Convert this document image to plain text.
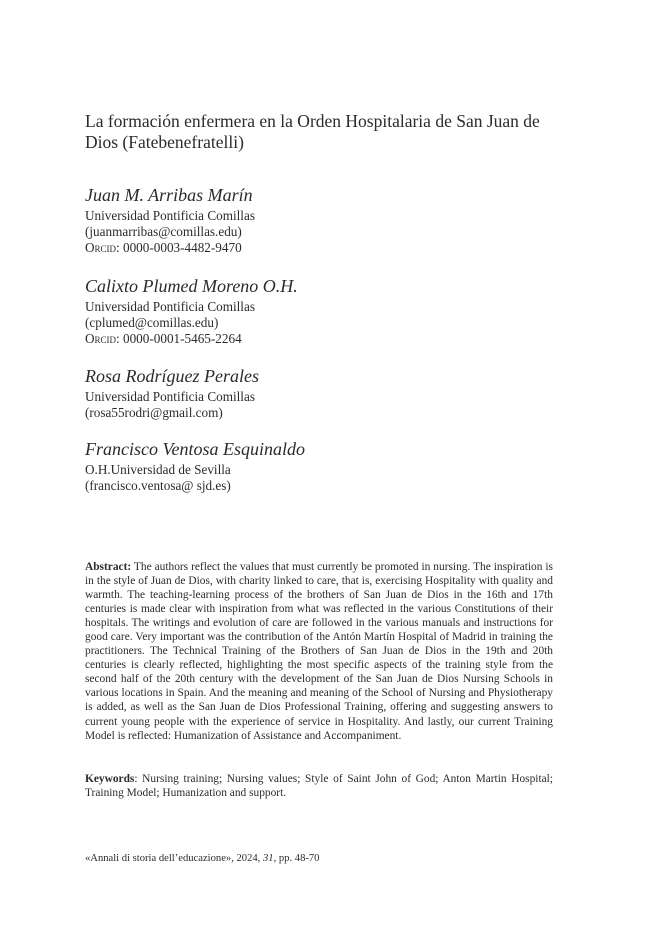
La formación enfermera en la Orden Hospitalaria de San Juan de Dios (Fatebenefratelli)
Juan M. Arribas Marín
Universidad Pontificia Comillas
(juanmarribas@comillas.edu)
Orcid: 0000-0003-4482-9470
Calixto Plumed Moreno O.H.
Universidad Pontificia Comillas
(cplumed@comillas.edu)
Orcid: 0000-0001-5465-2264
Rosa Rodríguez Perales
Universidad Pontificia Comillas
(rosa55rodri@gmail.com)
Francisco Ventosa Esquinaldo
O.H.Universidad de Sevilla
(francisco.ventosa@ sjd.es)
Abstract: The authors reflect the values that must currently be promoted in nursing. The inspiration is in the style of Juan de Dios, with charity linked to care, that is, exercising Hospitality with quality and warmth. The teaching-learning process of the brothers of San Juan de Dios in the 16th and 17th centuries is made clear with inspiration from what was reflected in the various Constitutions of their hospitals. The writings and evolution of care are followed in the various manuals and instructions for good care. Very important was the contribution of the Antón Martín Hospital of Madrid in training the practitioners. The Technical Training of the Brothers of San Juan de Dios in the 19th and 20th centuries is clearly reflected, highlighting the most specific aspects of the training style from the second half of the 20th century with the development of the San Juan de Dios Nursing Schools in various locations in Spain. And the meaning and meaning of the School of Nursing and Physiotherapy is added, as well as the San Juan de Dios Professional Training, offering and suggesting answers to current young people with the experience of service in Hospitality. And lastly, our current Training Model is reflected: Humanization of Assistance and Accompaniment.
Keywords: Nursing training; Nursing values; Style of Saint John of God; Anton Martin Hospital; Training Model; Humanization and support.
«Annali di storia dell’educazione», 2024, 31, pp. 48-70
